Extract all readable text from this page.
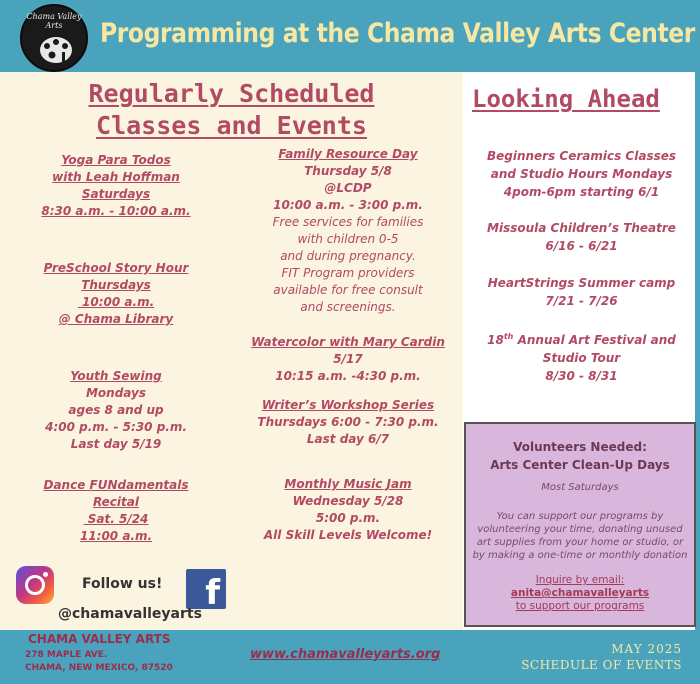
Chama Valley Arts	Programming at the Chama Valley Arts Center
Regularly Scheduled
Classes and Events
Looking Ahead
Yoga Para Todos
with Leah Hoffman
Saturdays
8:30 a.m. - 10:00 a.m.
PreSchool Story Hour
Thursdays
10:00 a.m.
@ Chama Library
Youth Sewing
Mondays
ages 8 and up
4:00 p.m. - 5:30 p.m.
Last day 5/19
Dance FUNdamentals
Recital
Sat. 5/24
11:00 a.m.
Family Resource Day
Thursday 5/8
@LCDP
10:00 a.m. - 3:00 p.m.
Free services for families
with children 0-5
and during pregnancy.
FIT Program providers
available for free consult
and screenings.
Watercolor with Mary Cardin
5/17
10:15 a.m. -4:30 p.m.
Writer’s Workshop Series
Thursdays 6:00 - 7:30 p.m.
Last day 6/7
Monthly Music Jam
Wednesday 5/28
5:00 p.m.
All Skill Levels Welcome!
Beginners Ceramics Classes
and Studio Hours Mondays
4pom-6pm starting 6/1
Missoula Children’s Theatre
6/16 - 6/21
HeartStrings Summer camp
7/21 - 7/26
18th Annual Art Festival and
Studio Tour
8/30 - 8/31
Volunteers Needed:
Arts Center Clean-Up Days
Most Saturdays
You can support our programs by volunteering your time, donating unused art supplies from your home or studio, or by making a one-time or monthly donation
Inquire by email:
anita@chamavalleyarts
to support our programs
Follow us!	f
@chamavalleyarts
CHAMA VALLEY ARTS
278 MAPLE AVE.
CHAMA, NEW MEXICO, 87520
www.chamavalleyarts.org	MAY 2025
SCHEDULE OF EVENTS
